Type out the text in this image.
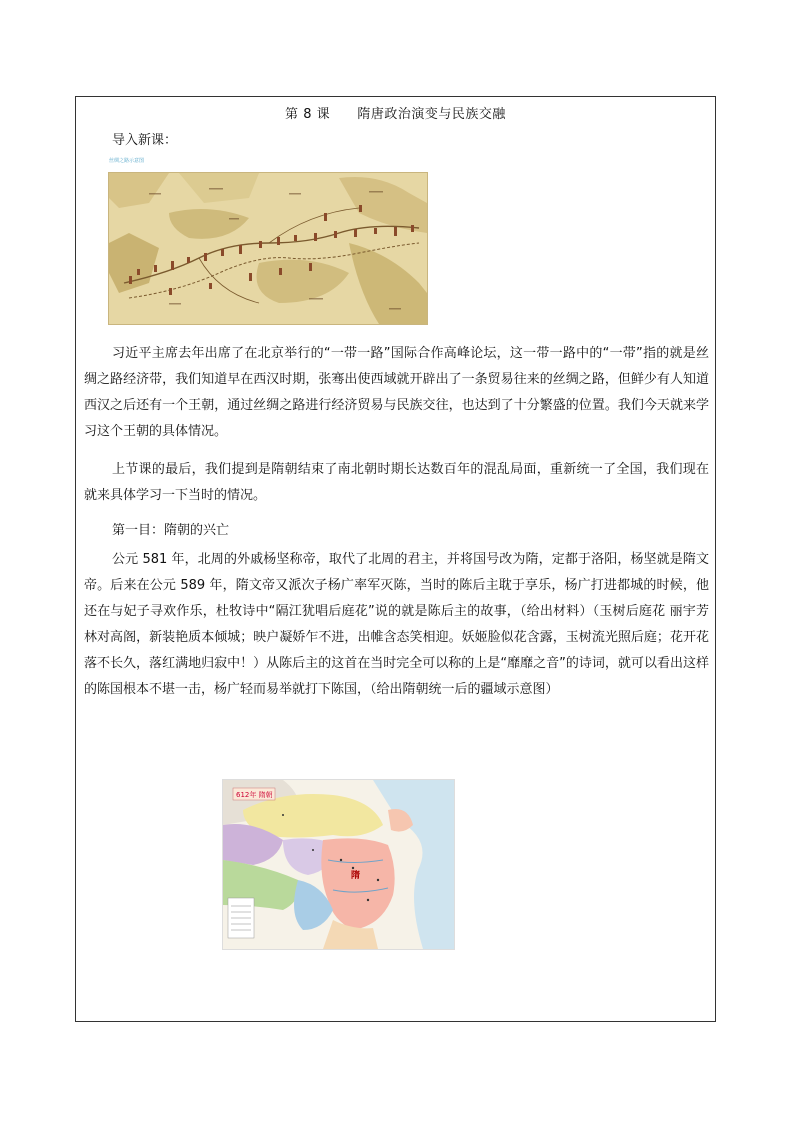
第 8 课 隋唐政治演变与民族交融
导入新课：
丝绸之路示意图

习近平主席去年出席了在北京举行的“一带一路”国际合作高峰论坛，这一带一路中的“一带”指的就是丝绸之路经济带，我们知道早在西汉时期，张骞出使西域就开辟出了一条贸易往来的丝绸之路，但鲜少有人知道西汉之后还有一个王朝，通过丝绸之路进行经济贸易与民族交往，也达到了十分繁盛的位置。我们今天就来学习这个王朝的具体情况。

上节课的最后，我们提到是隋朝结束了南北朝时期长达数百年的混乱局面，重新统一了全国，我们现在就来具体学习一下当时的情况。

第一目：隋朝的兴亡

公元 581 年，北周的外戚杨坚称帝，取代了北周的君主，并将国号改为隋，定都于洛阳，杨坚就是隋文帝。后来在公元 589 年，隋文帝又派次子杨广率军灭陈，当时的陈后主耽于享乐，杨广打进都城的时候，他还在与妃子寻欢作乐，杜牧诗中“隔江犹唱后庭花”说的就是陈后主的故事，（给出材料）（玉树后庭花 丽宇芳林对高阁，新装艳质本倾城；映户凝娇乍不进，出帷含态笑相迎。妖姬脸似花含露，玉树流光照后庭；花开花落不长久，落红满地归寂中！）从陈后主的这首在当时完全可以称的上是“靡靡之音”的诗词，就可以看出这样的陈国根本不堪一击，杨广轻而易举就打下陈国，（给出隋朝统一后的疆域示意图）

612年 隋朝
隋
